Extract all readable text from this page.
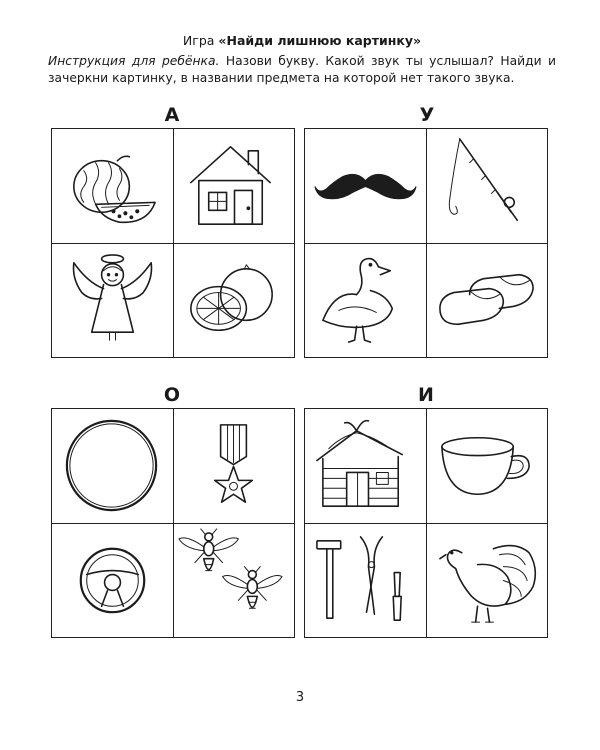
Игра «Найди лишнюю картинку»

Инструкция для ребёнка. Назови букву. Какой звук ты услышал? Найди и зачеркни картинку, в названии предмета на которой нет такого звука.

А	У
О	И
3
